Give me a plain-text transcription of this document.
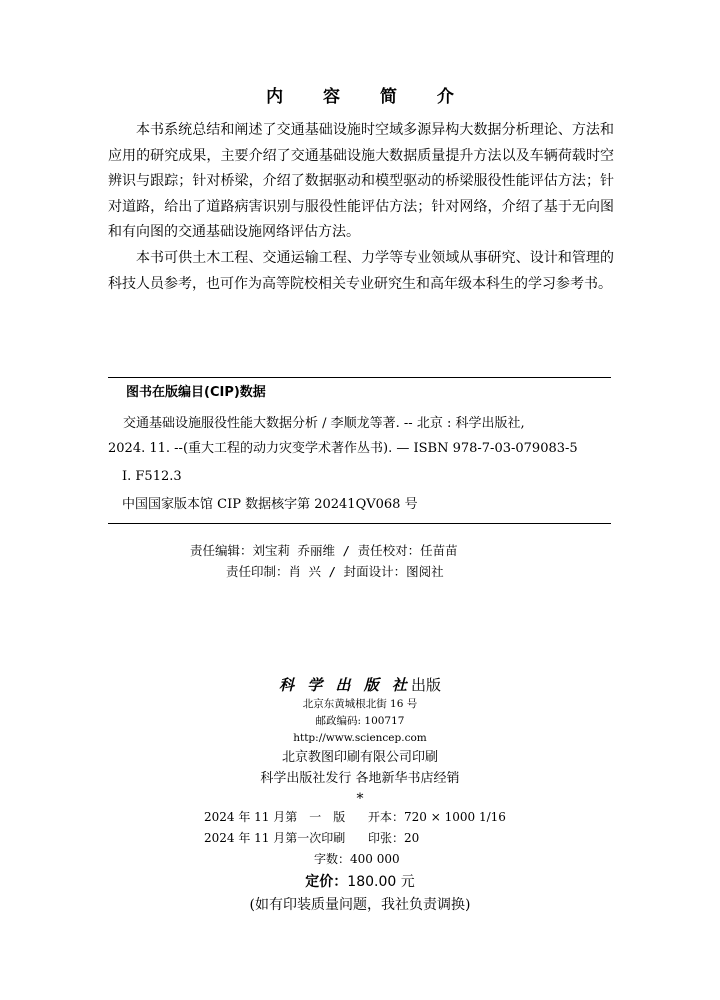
内 容 简 介

本书系统总结和阐述了交通基础设施时空域多源异构大数据分析理论、方法和应用的研究成果，主要介绍了交通基础设施大数据质量提升方法以及车辆荷载时空辨识与跟踪；针对桥梁，介绍了数据驱动和模型驱动的桥梁服役性能评估方法；针对道路，给出了道路病害识别与服役性能评估方法；针对网络，介绍了基于无向图和有向图的交通基础设施网络评估方法。

本书可供土木工程、交通运输工程、力学等专业领域从事研究、设计和管理的科技人员参考，也可作为高等院校相关专业研究生和高年级本科生的学习参考书。

图书在版编目(CIP)数据
交通基础设施服役性能大数据分析 / 李顺龙等著. -- 北京 : 科学出版社,
2024. 11. --(重大工程的动力灾变学术著作丛书). — ISBN 978-7-03-079083-5
Ⅰ. F512.3
中国国家版本馆 CIP 数据核字第 20241QV068 号
责任编辑：刘宝莉 乔丽维 / 责任校对：任苗苗
责任印制：肖 兴 / 封面设计：图阅社
科 学 出 版 社出版
北京东黄城根北街 16 号
邮政编码: 100717
http://www.sciencep.com
北京教图印刷有限公司印刷
科学出版社发行 各地新华书店经销
*
2024 年 11 月第　一　版 开本：720 × 1000 1/16
2024 年 11 月第一次印刷 印张：20
字数：400 000
定价：180.00 元
(如有印装质量问题，我社负责调换)
